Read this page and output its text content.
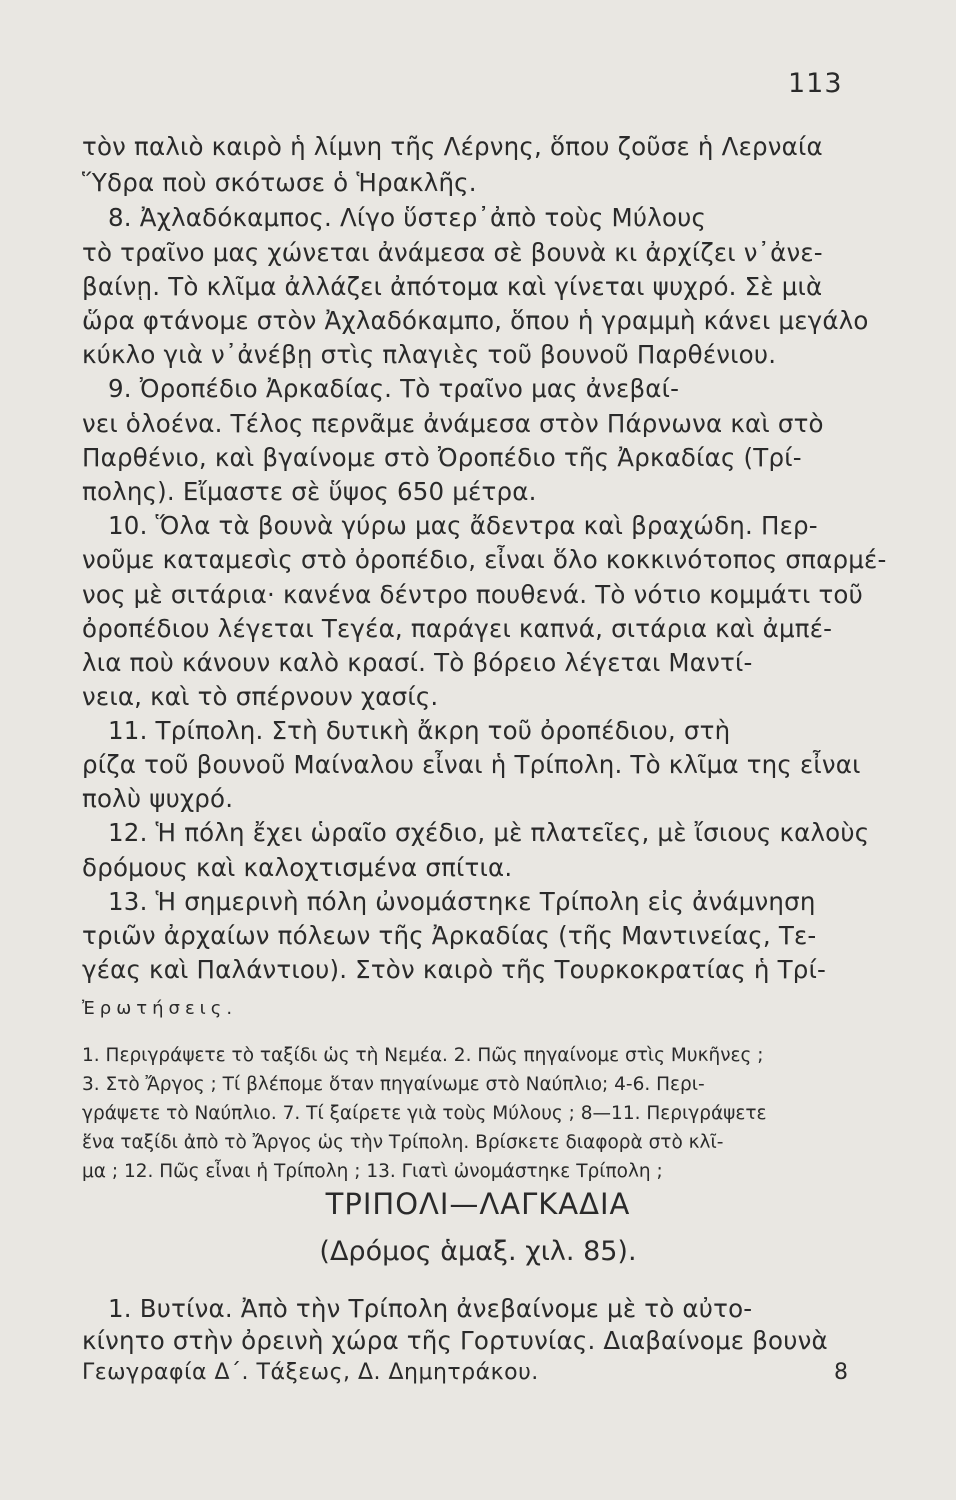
113
τὸν παλιὸ καιρὸ ἡ λίμνη τῆς Λέρνης, ὅπου ζοῦσε ἡ Λερναία
Ὕδρα ποὺ σκότωσε ὁ Ἡρακλῆς.
8. Ἀχλαδόκαμπος. Λίγο ὕστερ᾽ἀπὸ τοὺς Μύλους
τὸ τραῖνο μας χώνεται ἀνάμεσα σὲ βουνὰ κι ἀρχίζει ν᾽ἀνε-
βαίνῃ. Τὸ κλῖμα ἀλλάζει ἀπότομα καὶ γίνεται ψυχρό. Σὲ μιὰ
ὥρα φτάνομε στὸν Ἀχλαδόκαμπο, ὅπου ἡ γραμμὴ κάνει μεγάλο
κύκλο γιὰ ν᾽ἀνέβῃ στὶς πλαγιὲς τοῦ βουνοῦ Παρθένιου.
9. Ὀροπέδιο Ἀρκαδίας. Τὸ τραῖνο μας ἀνεβαί-
νει ὁλοένα. Τέλος περνᾶμε ἀνάμεσα στὸν Πάρνωνα καὶ στὸ
Παρθένιο, καὶ βγαίνομε στὸ Ὀροπέδιο τῆς Ἀρκαδίας (Τρί-
πολης). Εἴμαστε σὲ ὕψος 650 μέτρα.
10. Ὅλα τὰ βουνὰ γύρω μας ἄδεντρα καὶ βραχώδη. Περ-
νοῦμε καταμεσὶς στὸ ὀροπέδιο, εἶναι ὅλο κοκκινότοπος σπαρμέ-
νος μὲ σιτάρια· κανένα δέντρο πουθενά. Τὸ νότιο κομμάτι τοῦ
ὀροπέδιου λέγεται Τεγέα, παράγει καπνά, σιτάρια καὶ ἀμπέ-
λια ποὺ κάνουν καλὸ κρασί. Τὸ βόρειο λέγεται Μαντί-
νεια, καὶ τὸ σπέρνουν χασίς.
11. Τρίπολη. Στὴ δυτικὴ ἄκρη τοῦ ὀροπέδιου, στὴ
ρίζα τοῦ βουνοῦ Μαίναλου εἶναι ἡ Τρίπολη. Τὸ κλῖμα της εἶναι
πολὺ ψυχρό.
12. Ἡ πόλη ἔχει ὡραῖο σχέδιο, μὲ πλατεῖες, μὲ ἴσιους καλοὺς
δρόμους καὶ καλοχτισμένα σπίτια.
13. Ἡ σημερινὴ πόλη ὠνομάστηκε Τρίπολη εἰς ἀνάμνηση
τριῶν ἀρχαίων πόλεων τῆς Ἀρκαδίας (τῆς Μαντινείας, Τε-
γέας καὶ Παλάντιου). Στὸν καιρὸ τῆς Τουρκοκρατίας ἡ Τρί-
Ἐρωτήσεις.
1. Περιγράψετε τὸ ταξίδι ὡς τὴ Νεμέα. 2. Πῶς πηγαίνομε στὶς Μυκῆνες ;
3. Στὸ Ἄργος ; Τί βλέπομε ὅταν πηγαίνωμε στὸ Ναύπλιο; 4-6. Περι-
γράψετε τὸ Ναύπλιο. 7. Τί ξαίρετε γιὰ τοὺς Μύλους ; 8—11. Περιγράψετε
ἕνα ταξίδι ἀπὸ τὸ Ἄργος ὡς τὴν Τρίπολη. Βρίσκετε διαφορὰ στὸ κλῖ-
μα ; 12. Πῶς εἶναι ἡ Τρίπολη ; 13. Γιατὶ ὠνομάστηκε Τρίπολη ;
ΤΡΙΠΟΛΙ—ΛΑΓΚΑΔΙΑ
(Δρόμος ἁμαξ. χιλ. 85).
1. Βυτίνα. Ἀπὸ τὴν Τρίπολη ἀνεβαίνομε μὲ τὸ αὐτο-
κίνητο στὴν ὀρεινὴ χώρα τῆς Γορτυνίας. Διαβαίνομε βουνὰ
Γεωγραφία Δ΄. Τάξεως, Δ. Δημητράκου.	8
